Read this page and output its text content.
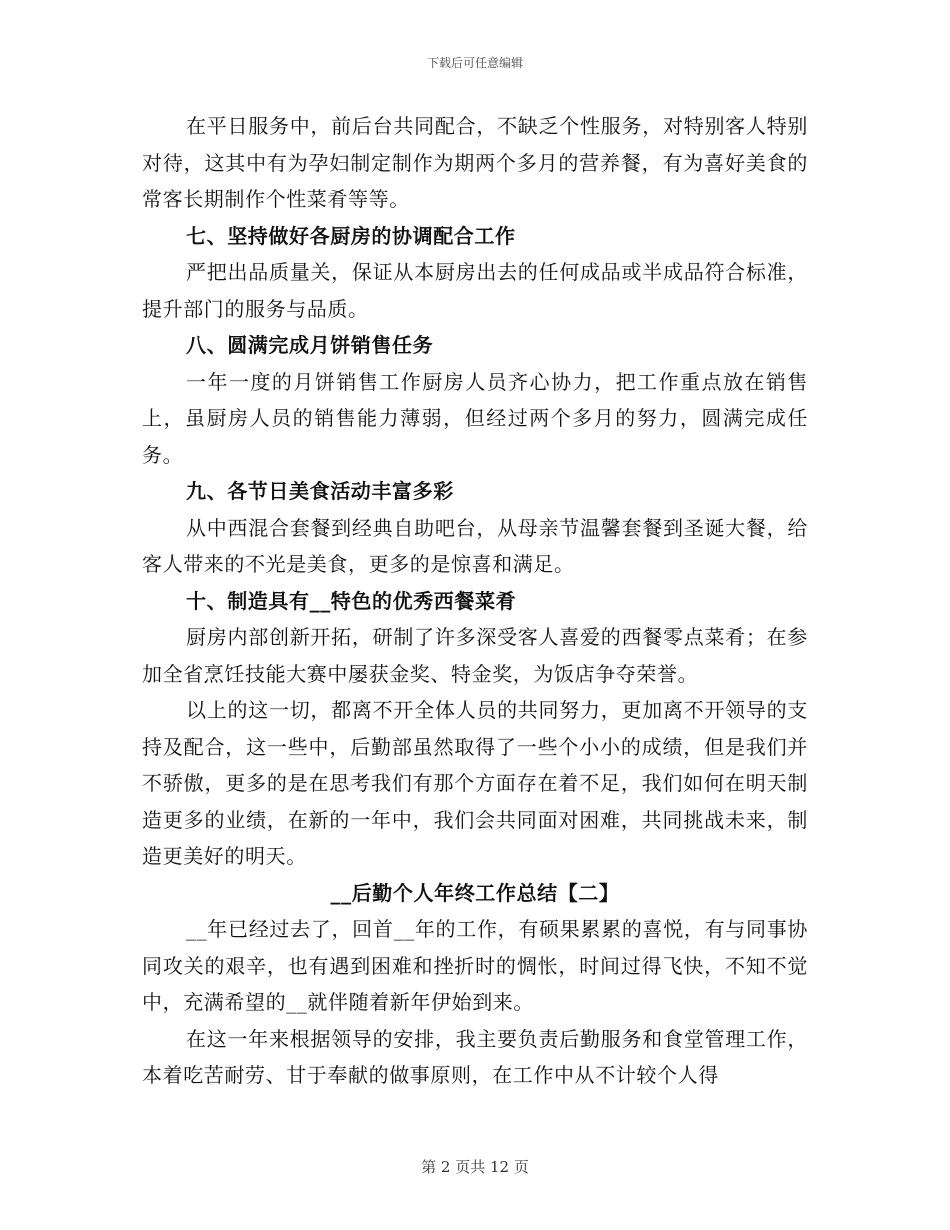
下载后可任意编辑

在平日服务中，前后台共同配合，不缺乏个性服务，对特别客人特别对待，这其中有为孕妇制定制作为期两个多月的营养餐，有为喜好美食的常客长期制作个性菜肴等等。

七、坚持做好各厨房的协调配合工作

严把出品质量关，保证从本厨房出去的任何成品或半成品符合标准，提升部门的服务与品质。

八、圆满完成月饼销售任务

一年一度的月饼销售工作厨房人员齐心协力，把工作重点放在销售上，虽厨房人员的销售能力薄弱，但经过两个多月的努力，圆满完成任务。

九、各节日美食活动丰富多彩

从中西混合套餐到经典自助吧台，从母亲节温馨套餐到圣诞大餐，给客人带来的不光是美食，更多的是惊喜和满足。

十、制造具有__特色的优秀西餐菜肴

厨房内部创新开拓，研制了许多深受客人喜爱的西餐零点菜肴；在参加全省烹饪技能大赛中屡获金奖、特金奖，为饭店争夺荣誉。

以上的这一切，都离不开全体人员的共同努力，更加离不开领导的支持及配合，这一些中，后勤部虽然取得了一些个小小的成绩，但是我们并不骄傲，更多的是在思考我们有那个方面存在着不足，我们如何在明天制造更多的业绩，在新的一年中，我们会共同面对困难，共同挑战未来，制造更美好的明天。

__后勤个人年终工作总结【二】

__年已经过去了，回首__年的工作，有硕果累累的喜悦，有与同事协同攻关的艰辛，也有遇到困难和挫折时的惆怅，时间过得飞快，不知不觉中，充满希望的__就伴随着新年伊始到来。

在这一年来根据领导的安排，我主要负责后勤服务和食堂管理工作，本着吃苦耐劳、甘于奉献的做事原则，在工作中从不计较个人得

第 2 页共 12 页
